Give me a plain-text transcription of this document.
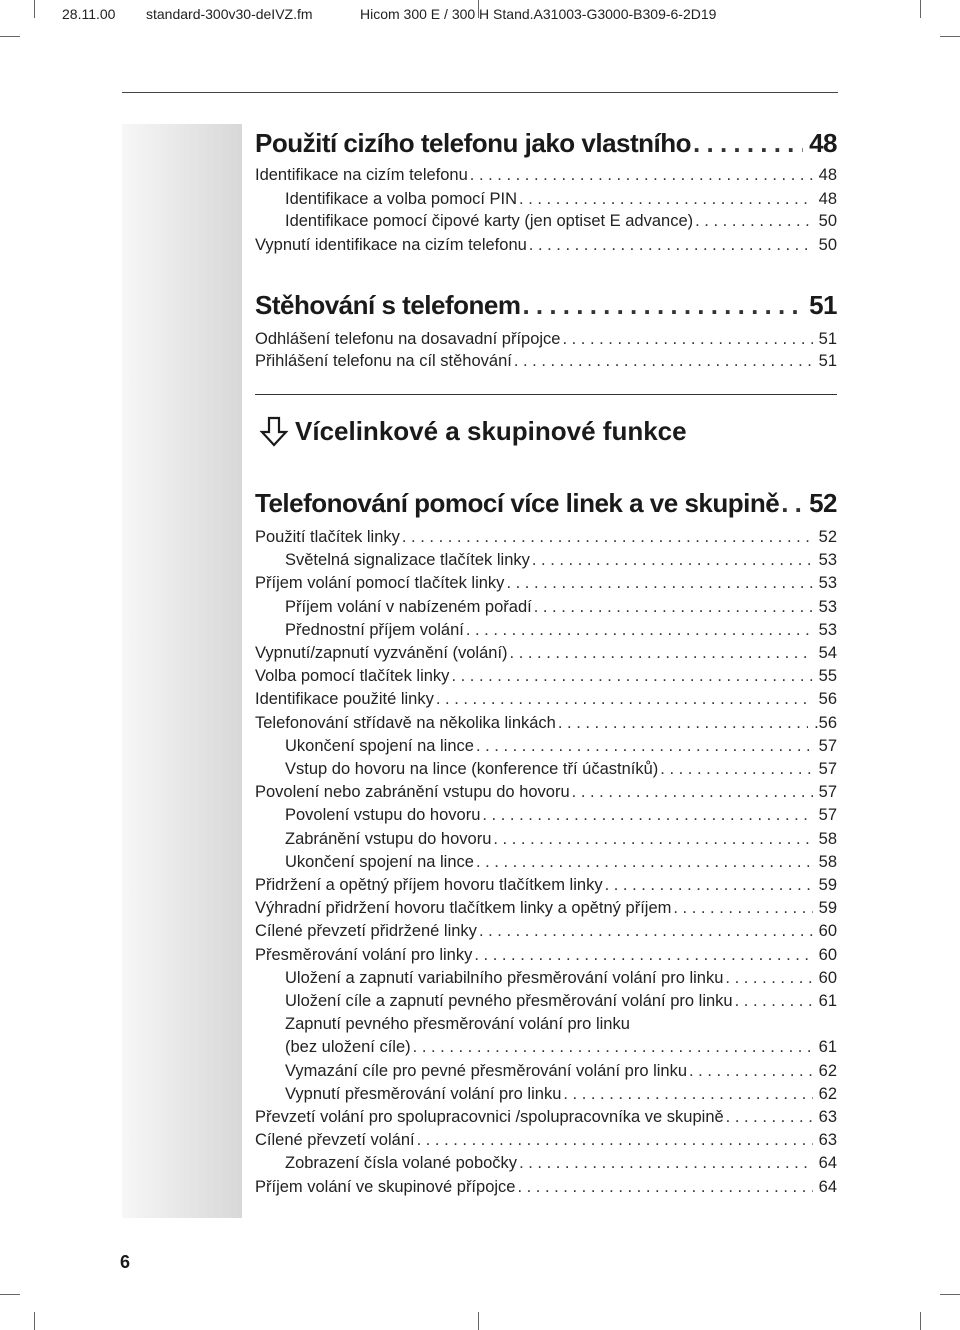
28.11.00 standard-300v30-deIVZ.fm	Hicom 300 E / 300 H Stand.A31003-G3000-B309-6-2D19
Použití cizího telefonu jako vlastního . . .	48
Identifikace na cizím telefonu . . .	48
Identifikace a volba pomocí PIN . . .	48
Identifikace pomocí čipové karty (jen optiset E advance) . . .	50
Vypnutí identifikace na cizím telefonu . . .	50
Stěhování s telefonem . . .	51
Odhlášení telefonu na dosavadní přípojce . . .	51
Přihlášení telefonu na cíl stěhování . . .	51
Vícelinkové a skupinové funkce
Telefonování pomocí více linek a ve skupině . . . 52
Použití tlačítek linky . . .	52
Světelná signalizace tlačítek linky . . .	53
Příjem volání pomocí tlačítek linky . . .	53
Příjem volání v nabízeném pořadí . . .	53
Přednostní příjem volání . . .	53
Vypnutí/zapnutí vyzvánění (volání) . . .	54
Volba pomocí tlačítek linky . . .	55
Identifikace použité linky . . .	56
Telefonování střídavě na několika linkách . . .	.56
Ukončení spojení na lince . . .	57
Vstup do hovoru na lince (konference tří účastníků) . . .	57
Povolení nebo zabránění vstupu do hovoru . . .	57
Povolení vstupu do hovoru . . .	57
Zabránění vstupu do hovoru . . .	58
Ukončení spojení na lince . . .	58
Přidržení a opětný příjem hovoru tlačítkem linky . . .	59
Výhradní přidržení hovoru tlačítkem linky a opětný příjem . . .	59
Cílené převzetí přidržené linky . . .	60
Přesměrování volání pro linky . . .	60
Uložení a zapnutí variabilního přesměrování volání pro linku . . .	60
Uložení cíle a zapnutí pevného přesměrování volání pro linku . . .	61
Zapnutí pevného přesměrování volání pro linku
(bez uložení cíle) . . .	61
Vymazání cíle pro pevné přesměrování volání pro linku . . .	62
Vypnutí přesměrování volání pro linku . . .	62
Převzetí volání pro spolupracovnici /spolupracovníka ve skupině . . .	63
Cílené převzetí volání . . .	63
Zobrazení čísla volané pobočky . . .	64
Příjem volání ve skupinové přípojce . . .	64
6
